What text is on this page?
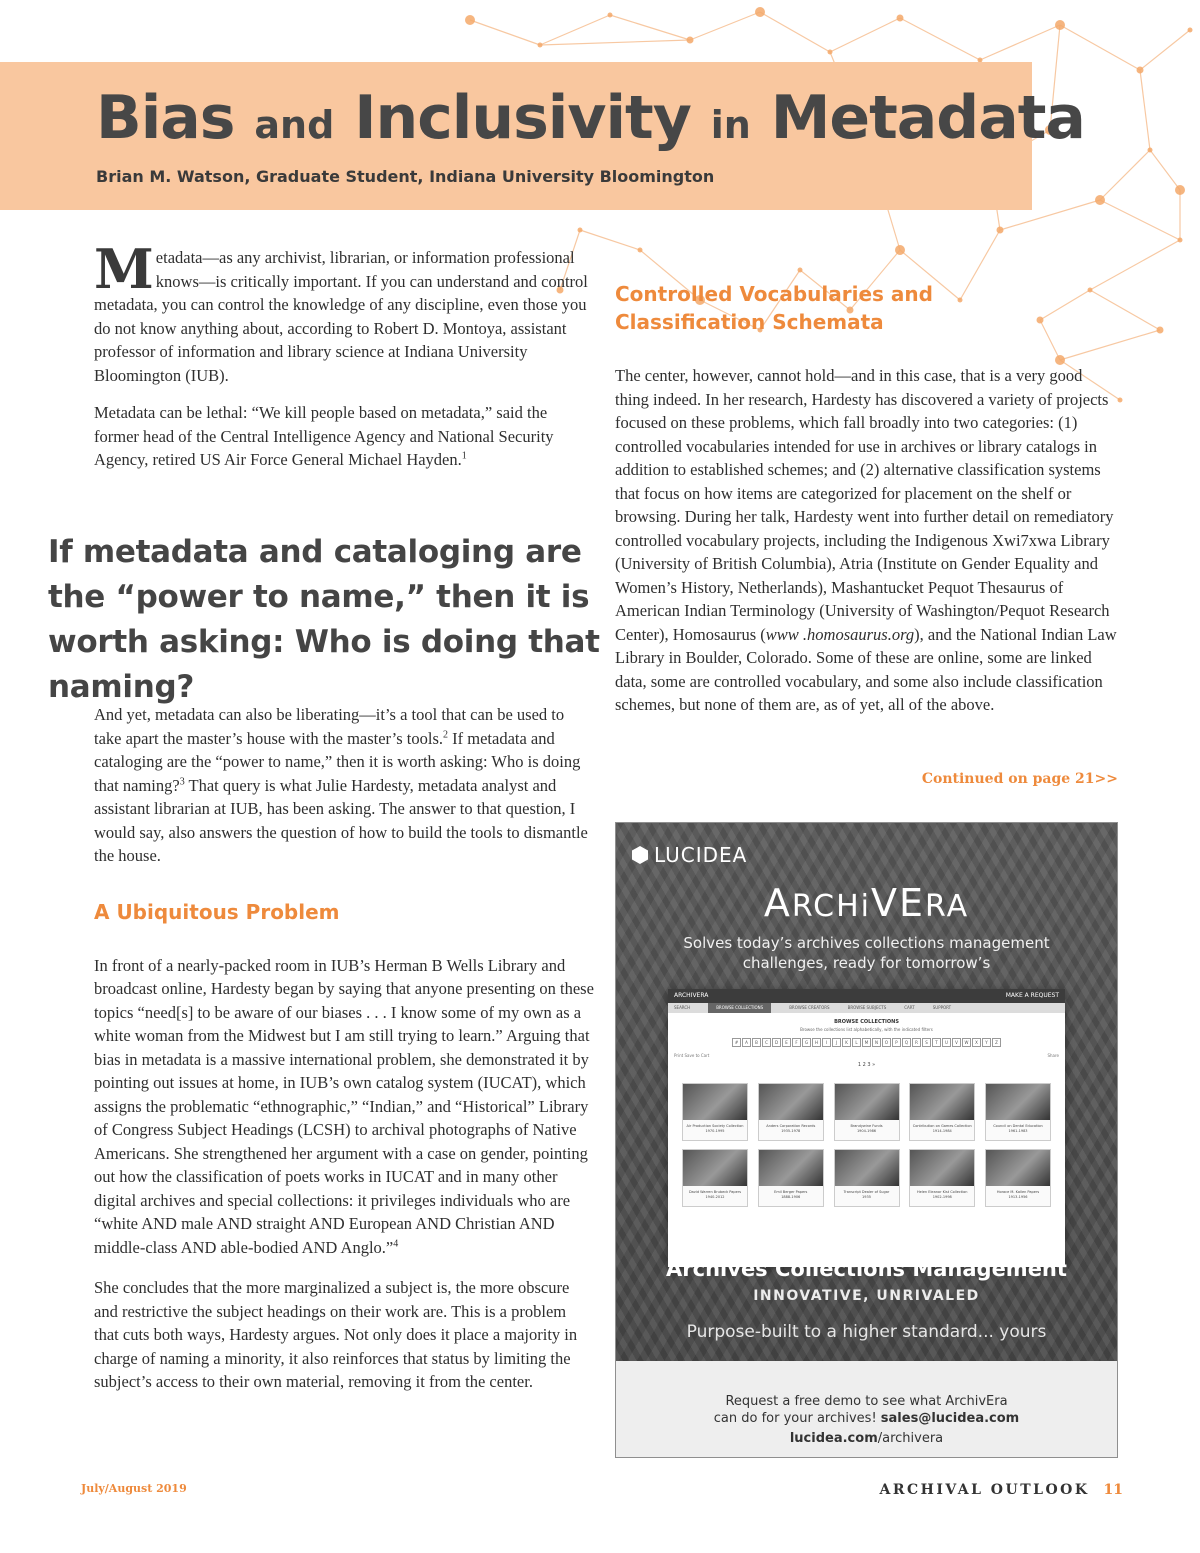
Bias and Inclusivity in Metadata
Brian M. Watson, Graduate Student, Indiana University Bloomington

Metadata—as any archivist, librarian, or information professional knows—is critically important. If you can understand and control metadata, you can control the knowledge of any discipline, even those you do not know anything about, according to Robert D. Montoya, assistant professor of information and library science at Indiana University Bloomington (IUB).

Metadata can be lethal: “We kill people based on metadata,” said the former head of the Central Intelligence Agency and National Security Agency, retired US Air Force General Michael Hayden.$^1$

If metadata and cataloging are the “power to name,” then it is worth asking: Who is doing that naming?

And yet, metadata can also be liberating—it’s a tool that can be used to take apart the master’s house with the master’s tools.$^2$ If metadata and cataloging are the “power to name,” then it is worth asking: Who is doing that naming?$^3$ That query is what Julie Hardesty, metadata analyst and assistant librarian at IUB, has been asking. The answer to that question, I would say, also answers the question of how to build the tools to dismantle the house.

A Ubiquitous Problem

In front of a nearly-packed room in IUB’s Herman B Wells Library and broadcast online, Hardesty began by saying that anyone presenting on these topics “need[s] to be aware of our biases . . . I know some of my own as a white woman from the Midwest but I am still trying to learn.” Arguing that bias in metadata is a massive international problem, she demonstrated it by pointing out issues at home, in IUB’s own catalog system (IUCAT), which assigns the problematic “ethnographic,” “Indian,” and “Historical” Library of Congress Subject Headings (LCSH) to archival photographs of Native Americans. She strengthened her argument with a case on gender, pointing out how the classification of poets works in IUCAT and in many other digital archives and special collections: it privileges individuals who are “white AND male AND straight AND European AND Christian AND middle-class AND able-bodied AND Anglo.”$^4$

She concludes that the more marginalized a subject is, the more obscure and restrictive the subject headings on their work are. This is a problem that cuts both ways, Hardesty argues. Not only does it place a majority in charge of naming a minority, it also reinforces that status by limiting the subject’s access to their own material, removing it from the center.

Controlled Vocabularies and Classification Schemata

The center, however, cannot hold—and in this case, that is a very good thing indeed. In her research, Hardesty has discovered a variety of projects focused on these problems, which fall broadly into two categories: (1) controlled vocabularies intended for use in archives or library catalogs in addition to established schemes; and (2) alternative classification systems that focus on how items are categorized for placement on the shelf or browsing. During her talk, Hardesty went into further detail on remediatory controlled vocabulary projects, including the Indigenous Xwi7xwa Library (University of British Columbia), Atria (Institute on Gender Equality and Women’s History, Netherlands), Mashantucket Pequot Thesaurus of American Indian Terminology (University of Washington/Pequot Research Center), Homosaurus (www .homosaurus.org), and the National Indian Law Library in Boulder, Colorado. Some of these are online, some are linked data, some are controlled vocabulary, and some also include classification schemes, but none of them are, as of yet, all of the above.

Continued on page 21>>
LUCIDEA
ARCHiVERA
Solves today’s archives collections management challenges, ready for tomorrow’s
ARCHIVERA	MAKE A REQUEST
SEARCH	BROWSE COLLECTIONS	BROWSE CREATORS	BROWSE SUBJECTS	CART	SUPPORT
BROWSE COLLECTIONS
Browse the collections list alphabetically, with the indicated filters
#	A	B	C	D	E	F	G	H	I	J	K	L	M	N	O	P	Q	R	S	T	U	V	W	X	Y	Z
Print Save to Cart	Share
1 2 3 »
Air Production Society Collection
1970-1995
Anders Corporation Records
1935-1978
Brandywine Funds
1904-1986
Contribution on Games Collection
1914-1984
Council on Dental Education
1961-1983
David Warren Brubeck Papers
1940-2012
Emil Berger Papers
1888-1906
Transcript Dealer of Sugar
1935
Helen Eleanor Kist Collection
1902-1998
Horace M. Kallen Papers
1913-1956
Archives Collections Management
INNOVATIVE, UNRIVALED
Purpose-built to a higher standard... yours
Request a free demo to see what ArchivEra
can do for your archives! sales@lucidea.com
lucidea.com/archivera
July/August 2019	ARCHIVAL OUTLOOK 11
